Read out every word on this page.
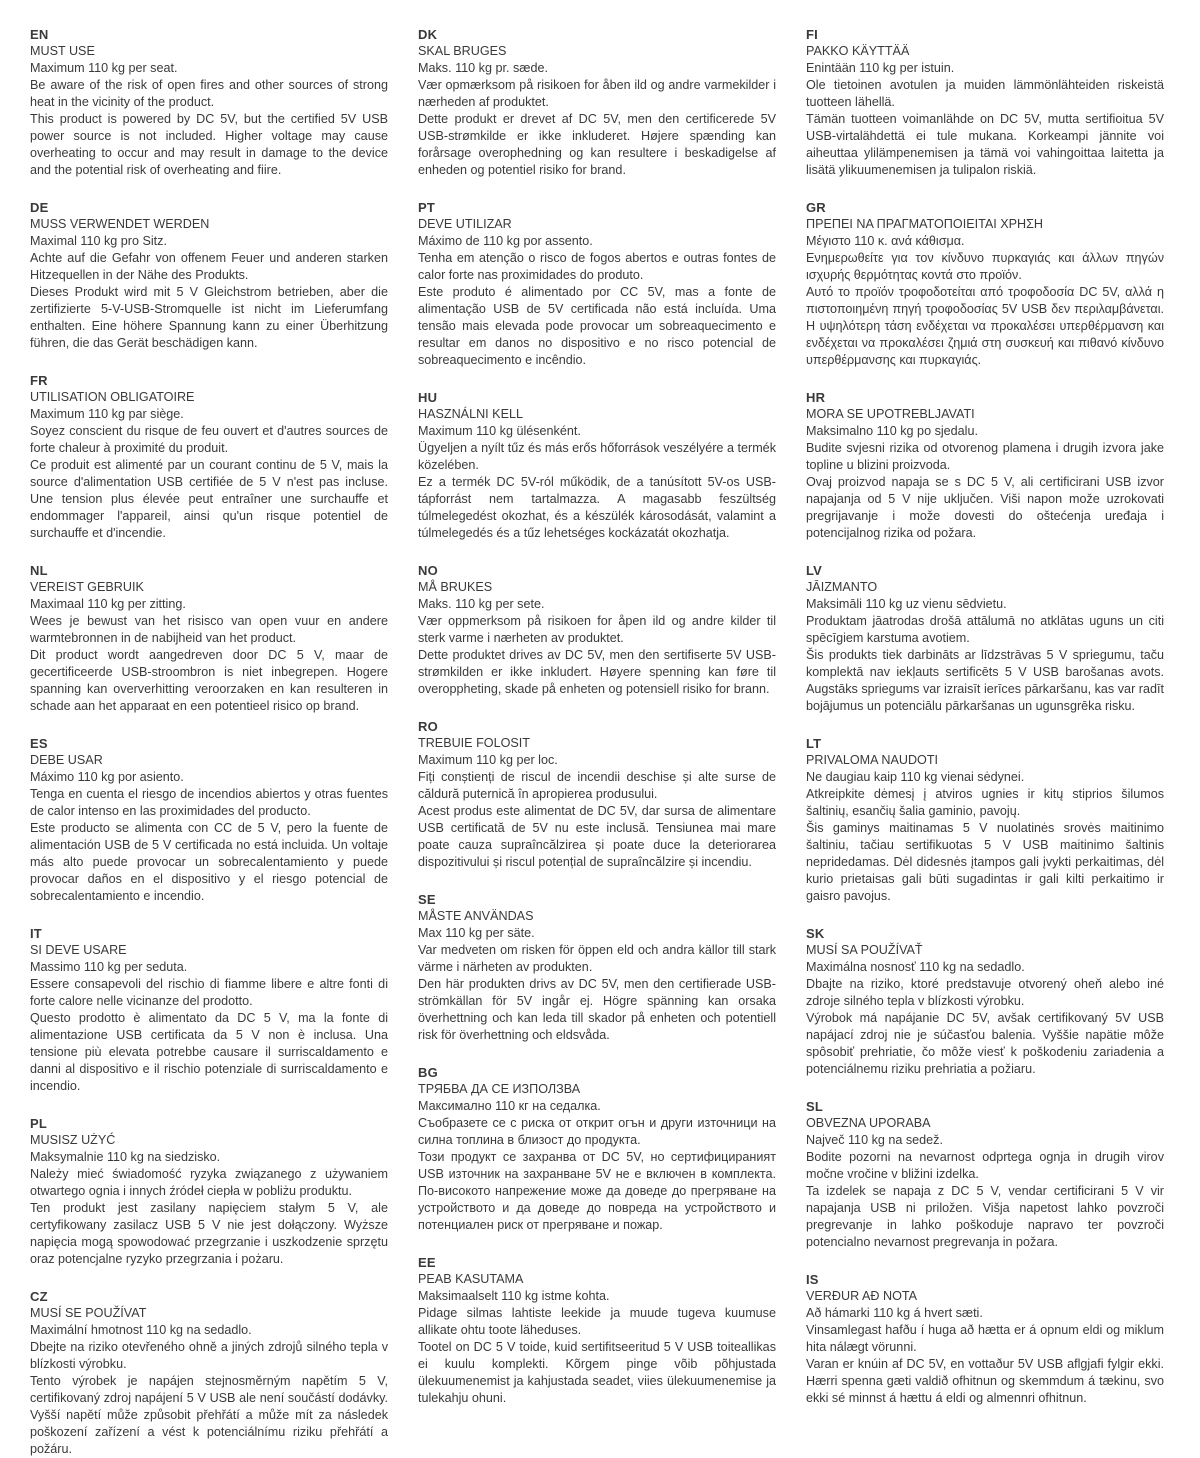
EN
MUST USE

Maximum 110 kg per seat.

Be aware of the risk of open fires and other sources of strong heat in the vicinity of the product.

This product is powered by DC 5V, but the certified 5V USB power source is not included. Higher voltage may cause overheating to occur and may result in damage to the device and the potential risk of overheating and fiire.

DE
MUSS VERWENDET WERDEN

Maximal 110 kg pro Sitz.

Achte auf die Gefahr von offenem Feuer und anderen starken Hitzequellen in der Nähe des Produkts.

Dieses Produkt wird mit 5 V Gleichstrom betrieben, aber die zertifizierte 5-V-USB-Stromquelle ist nicht im Lieferumfang enthalten. Eine höhere Spannung kann zu einer Überhitzung führen, die das Gerät beschädigen kann.

FR
UTILISATION OBLIGATOIRE

Maximum 110 kg par siège.

Soyez conscient du risque de feu ouvert et d'autres sources de forte chaleur à proximité du produit.

Ce produit est alimenté par un courant continu de 5 V, mais la source d'alimentation USB certifiée de 5 V n'est pas incluse. Une tension plus élevée peut entraîner une surchauffe et endommager l'appareil, ainsi qu'un risque potentiel de surchauffe et d'incendie.

NL
VEREIST GEBRUIK

Maximaal 110 kg per zitting.

Wees je bewust van het risisco van open vuur en andere warmtebronnen in de nabijheid van het product.

Dit product wordt aangedreven door DC 5 V, maar de gecertificeerde USB-stroombron is niet inbegrepen. Hogere spanning kan oververhitting veroorzaken en kan resulteren in schade aan het apparaat en een potentieel risico op brand.

ES
DEBE USAR

Máximo 110 kg por asiento.

Tenga en cuenta el riesgo de incendios abiertos y otras fuentes de calor intenso en las proximidades del producto.

Este producto se alimenta con CC de 5 V, pero la fuente de alimentación USB de 5 V certificada no está incluida. Un voltaje más alto puede provocar un sobrecalentamiento y puede provocar daños en el dispositivo y el riesgo potencial de sobrecalentamiento e incendio.

IT
SI DEVE USARE

Massimo 110 kg per seduta.

Essere consapevoli del rischio di fiamme libere e altre fonti di forte calore nelle vicinanze del prodotto.

Questo prodotto è alimentato da DC 5 V, ma la fonte di alimentazione USB certificata da 5 V non è inclusa. Una tensione più elevata potrebbe causare il surriscaldamento e danni al dispositivo e il rischio potenziale di surriscaldamento e incendio.

PL
MUSISZ UŻYĆ

Maksymalnie 110 kg na siedzisko.

Należy mieć świadomość ryzyka związanego z używaniem otwartego ognia i innych źródeł ciepła w pobliżu produktu.

Ten produkt jest zasilany napięciem stałym 5 V, ale certyfikowany zasilacz USB 5 V nie jest dołączony. Wyższe napięcia mogą spowodować przegrzanie i uszkodzenie sprzętu oraz potencjalne ryzyko przegrzania i pożaru.

CZ
MUSÍ SE POUŽÍVAT

Maximální hmotnost 110 kg na sedadlo.

Dbejte na riziko otevřeného ohně a jiných zdrojů silného tepla v blízkosti výrobku.

Tento výrobek je napájen stejnosměrným napětím 5 V, certifikovaný zdroj napájení 5 V USB ale není součástí dodávky. Vyšší napětí může způsobit přehřátí a může mít za následek poškození zařízení a vést k potenciálnímu riziku přehřátí a požáru.

DK
SKAL BRUGES

Maks. 110 kg pr. sæde.

Vær opmærksom på risikoen for åben ild og andre varmekilder i nærheden af produktet.

Dette produkt er drevet af DC 5V, men den certificerede 5V USB-strømkilde er ikke inkluderet. Højere spænding kan forårsage overophedning og kan resultere i beskadigelse af enheden og potentiel risiko for brand.

PT
DEVE UTILIZAR

Máximo de 110 kg por assento.

Tenha em atenção o risco de fogos abertos e outras fontes de calor forte nas proximidades do produto.

Este produto é alimentado por CC 5V, mas a fonte de alimentação USB de 5V certificada não está incluída. Uma tensão mais elevada pode provocar um sobreaquecimento e resultar em danos no dispositivo e no risco potencial de sobreaquecimento e incêndio.

HU
HASZNÁLNI KELL

Maximum 110 kg ülésenként.

Ügyeljen a nyílt tűz és más erős hőforrások veszélyére a termék közelében.

Ez a termék DC 5V-ról működik, de a tanúsított 5V-os USB-tápforrást nem tartalmazza. A magasabb feszültség túlmelegedést okozhat, és a készülék károsodását, valamint a túlmelegedés és a tűz lehetséges kockázatát okozhatja.

NO
MÅ BRUKES

Maks. 110 kg per sete.

Vær oppmerksom på risikoen for åpen ild og andre kilder til sterk varme i nærheten av produktet.

Dette produktet drives av DC 5V, men den sertifiserte 5V USB-strømkilden er ikke inkludert. Høyere spenning kan føre til overoppheting, skade på enheten og potensiell risiko for brann.

RO
TREBUIE FOLOSIT

Maximum 110 kg per loc.

Fiți conștienți de riscul de incendii deschise și alte surse de căldură puternică în apropierea produsului.

Acest produs este alimentat de DC 5V, dar sursa de alimentare USB certificată de 5V nu este inclusă. Tensiunea mai mare poate cauza supraîncălzirea și poate duce la deteriorarea dispozitivului și riscul potențial de supraîncălzire și incendiu.

SE
MÅSTE ANVÄNDAS

Max 110 kg per säte.

Var medveten om risken för öppen eld och andra källor till stark värme i närheten av produkten.

Den här produkten drivs av DC 5V, men den certifierade USB-strömkällan för 5V ingår ej. Högre spänning kan orsaka överhettning och kan leda till skador på enheten och potentiell risk för överhettning och eldsvåda.

BG
ТРЯБВА ДА СЕ ИЗПОЛЗВА

Максимално 110 кг на седалка.

Съобразете се с риска от открит огън и други източници на силна топлина в близост до продукта.

Този продукт се захранва от DC 5V, но сертифицираният USB източник на захранване 5V не е включен в комплекта. По-високото напрежение може да доведе до прегряване на устройството и да доведе до повреда на устройството и потенциален риск от прегряване и пожар.

EE
PEAB KASUTAMA

Maksimaalselt 110 kg istme kohta.

Pidage silmas lahtiste leekide ja muude tugeva kuumuse allikate ohtu toote läheduses.

Tootel on DC 5 V toide, kuid sertifitseeritud 5 V USB toiteallikas ei kuulu komplekti. Kõrgem pinge võib põhjustada ülekuumenemist ja kahjustada seadet, viies ülekuumenemise ja tulekahju ohuni.

FI
PAKKO KÄYTTÄÄ

Enintään 110 kg per istuin.

Ole tietoinen avotulen ja muiden lämmönlähteiden riskeistä tuotteen lähellä.

Tämän tuotteen voimanlähde on DC 5V, mutta sertifioitua 5V USB-virtalähdettä ei tule mukana. Korkeampi jännite voi aiheuttaa ylilämpenemisen ja tämä voi vahingoittaa laitetta ja lisätä ylikuumenemisen ja tulipalon riskiä.

GR
ΠΡΕΠΕΙ ΝΑ ΠΡΑΓΜΑΤΟΠΟΙΕΙΤΑΙ ΧΡΗΣΗ

Μέγιστο 110 κ. ανά κάθισμα.

Ενημερωθείτε για τον κίνδυνο πυρκαγιάς και άλλων πηγών ισχυρής θερμότητας κοντά στο προϊόν.

Αυτό το προϊόν τροφοδοτείται από τροφοδοσία DC 5V, αλλά η πιστοποιημένη πηγή τροφοδοσίας 5V USB δεν περιλαμβάνεται. Η υψηλότερη τάση ενδέχεται να προκαλέσει υπερθέρμανση και ενδέχεται να προκαλέσει ζημιά στη συσκευή και πιθανό κίνδυνο υπερθέρμανσης και πυρκαγιάς.

HR
MORA SE UPOTREBLJAVATI

Maksimalno 110 kg po sjedalu.

Budite svjesni rizika od otvorenog plamena i drugih izvora jake topline u blizini proizvoda.

Ovaj proizvod napaja se s DC 5 V, ali certificirani USB izvor napajanja od 5 V nije uključen. Viši napon može uzrokovati pregrijavanje i može dovesti do oštećenja uređaja i potencijalnog rizika od požara.

LV
JĀIZMANTO

Maksimāli 110 kg uz vienu sēdvietu.

Produktam jāatrodas drošā attālumā no atklātas uguns un citi spēcīgiem karstuma avotiem.

Šis produkts tiek darbināts ar līdzstrāvas 5 V spriegumu, taču komplektā nav iekļauts sertificēts 5 V USB barošanas avots. Augstāks spriegums var izraisīt ierīces pārkaršanu, kas var radīt bojājumus un potenciālu pārkaršanas un ugunsgrēka risku.

LT
PRIVALOMA NAUDOTI

Ne daugiau kaip 110 kg vienai sėdynei.

Atkreipkite dėmesį į atviros ugnies ir kitų stiprios šilumos šaltinių, esančių šalia gaminio, pavojų.

Šis gaminys maitinamas 5 V nuolatinės srovės maitinimo šaltiniu, tačiau sertifikuotas 5 V USB maitinimo šaltinis nepridedamas. Dėl didesnės įtampos gali įvykti perkaitimas, dėl kurio prietaisas gali būti sugadintas ir gali kilti perkaitimo ir gaisro pavojus.

SK
MUSÍ SA POUŽÍVAŤ

Maximálna nosnosť 110 kg na sedadlo.

Dbajte na riziko, ktoré predstavuje otvorený oheň alebo iné zdroje silného tepla v blízkosti výrobku.

Výrobok má napájanie DC 5V, avšak certifikovaný 5V USB napájací zdroj nie je súčasťou balenia. Vyššie napätie môže spôsobiť prehriatie, čo môže viesť k poškodeniu zariadenia a potenciálnemu riziku prehriatia a požiaru.

SL
OBVEZNA UPORABA

Največ 110 kg na sedež.

Bodite pozorni na nevarnost odprtega ognja in drugih virov močne vročine v bližini izdelka.

Ta izdelek se napaja z DC 5 V, vendar certificirani 5 V vir napajanja USB ni priložen. Višja napetost lahko povzroči pregrevanje in lahko poškoduje napravo ter povzroči potencialno nevarnost pregrevanja in požara.

IS
VERÐUR AÐ NOTA

Að hámarki 110 kg á hvert sæti.

Vinsamlegast hafðu í huga að hætta er á opnum eldi og miklum hita nálægt vörunni.

Varan er knúin af DC 5V, en vottaður 5V USB aflgjafi fylgir ekki. Hærri spenna gæti valdið ofhitnun og skemmdum á tækinu, svo ekki sé minnst á hættu á eldi og almennri ofhitnun.
